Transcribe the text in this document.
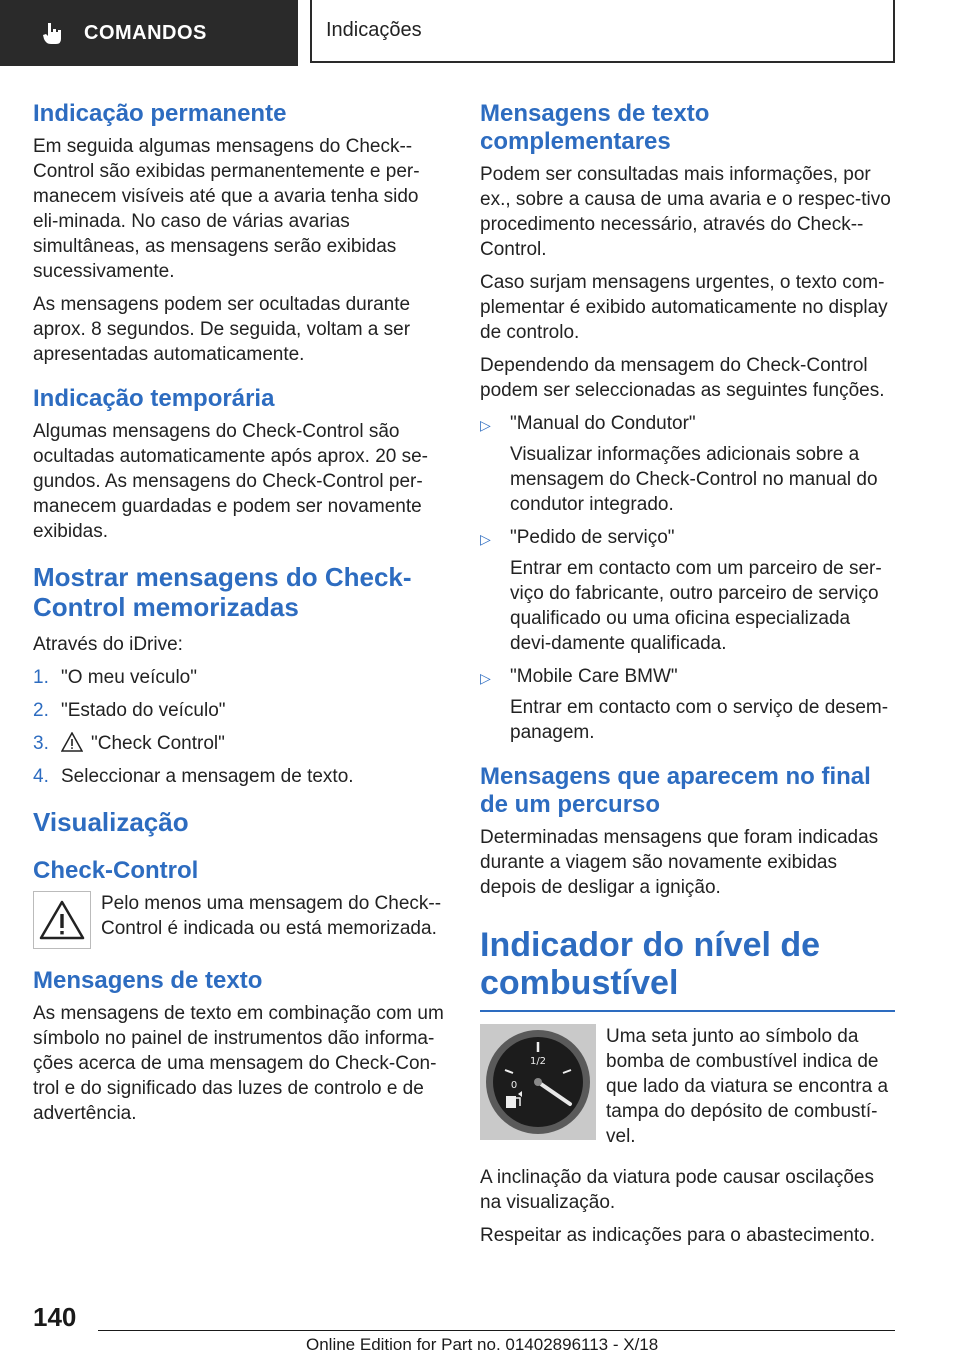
COMANDOS	Indicações
Indicação permanente

Em seguida algumas mensagens do Check--Control são exibidas permanentemente e per-manecem visíveis até que a avaria tenha sido eli-minada. No caso de várias avarias simultâneas, as mensagens serão exibidas sucessivamente.

As mensagens podem ser ocultadas durante aprox. 8 segundos. De seguida, voltam a ser apresentadas automaticamente.

Indicação temporária

Algumas mensagens do Check-Control são ocultadas automaticamente após aprox. 20 se-gundos. As mensagens do Check-Control per-manecem guardadas e podem ser novamente exibidas.

Mostrar mensagens do Check-Control memorizadas

Através do iDrive:

1. "O meu veículo"
2. "Estado do veículo"
3.	"Check Control"
4. Seleccionar a mensagem de texto.
Visualização
Check-Control

Pelo menos uma mensagem do Check--Control é indicada ou está memorizada.

Mensagens de texto

As mensagens de texto em combinação com um símbolo no painel de instrumentos dão informa-ções acerca de uma mensagem do Check-Con-trol e do significado das luzes de controlo e de advertência.

Mensagens de texto complementares

Podem ser consultadas mais informações, por ex., sobre a causa de uma avaria e o respec-tivo procedimento necessário, através do Check--Control.

Caso surjam mensagens urgentes, o texto com-plementar é exibido automaticamente no display de controlo.

Dependendo da mensagem do Check-Control podem ser seleccionadas as seguintes funções.

▷	"Manual do Condutor"
Visualizar informações adicionais sobre a mensagem do Check-Control no manual do condutor integrado.
▷	"Pedido de serviço"
Entrar em contacto com um parceiro de ser-viço do fabricante, outro parceiro de serviço qualificado ou uma oficina especializada devi-damente qualificada.
▷	"Mobile Care BMW"
Entrar em contacto com o serviço de desem-panagem.
Mensagens que aparecem no final de um percurso

Determinadas mensagens que foram indicadas durante a viagem são novamente exibidas depois de desligar a ignição.

Indicador do nível de combustível
1/2
0

Uma seta junto ao símbolo da bomba de combustível indica de que lado da viatura se encontra a tampa do depósito de combustí-vel.

A inclinação da viatura pode causar oscilações na visualização.

Respeitar as indicações para o abastecimento.

140
Online Edition for Part no. 01402896113 - X/18
